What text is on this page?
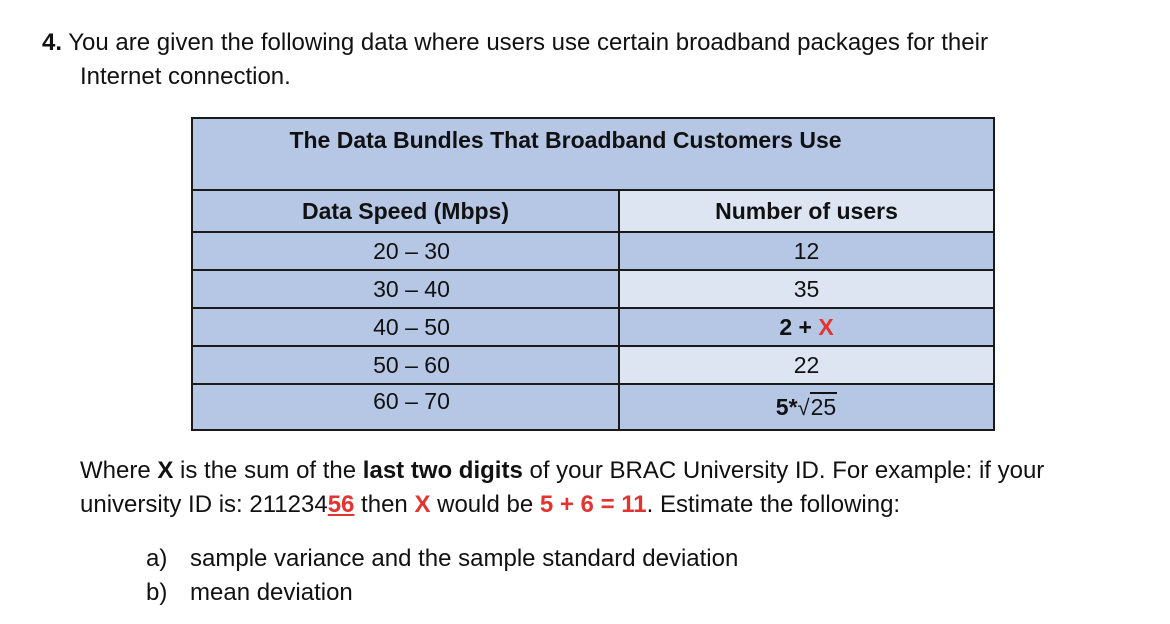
4. You are given the following data where users use certain broadband packages for their
Internet connection.
The Data Bundles That Broadband Customers Use	

Data Speed (Mbps)	Number of users
20 – 30	12
30 – 40	35
40 – 50	2 + X
50 – 60	22
60 – 70	5*√25
Where X is the sum of the last two digits of your BRAC University ID. For example: if your
university ID is: 21123456 then X would be 5 + 6 = 11. Estimate the following:
a) sample variance and the sample standard deviation
b) mean deviation
